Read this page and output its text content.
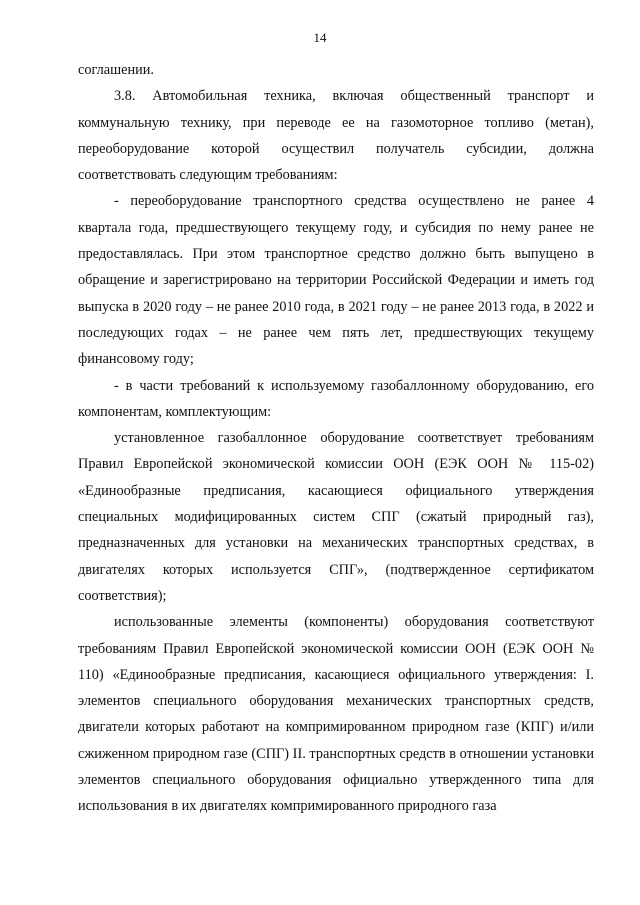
14

соглашении.

3.8. Автомобильная техника, включая общественный транспорт и коммунальную технику, при переводе ее на газомоторное топливо (метан), переоборудование которой осуществил получатель субсидии, должна соответствовать следующим требованиям:

- переоборудование транспортного средства осуществлено не ранее 4 квартала года, предшествующего текущему году, и субсидия по нему ранее не предоставлялась. При этом транспортное средство должно быть выпущено в обращение и зарегистрировано на территории Российской Федерации и иметь год выпуска в 2020 году – не ранее 2010 года, в 2021 году – не ранее 2013 года, в 2022 и последующих годах – не ранее чем пять лет, предшествующих текущему финансовому году;

- в части требований к используемому газобаллонному оборудованию, его компонентам, комплектующим:

установленное газобаллонное оборудование соответствует требованиям Правил Европейской экономической комиссии ООН (ЕЭК ООН № 115-02) «Единообразные предписания, касающиеся официального утверждения специальных модифицированных систем СПГ (сжатый природный газ), предназначенных для установки на механических транспортных средствах, в двигателях которых используется СПГ», (подтвержденное сертификатом соответствия);

использованные элементы (компоненты) оборудования соответствуют требованиям Правил Европейской экономической комиссии ООН (ЕЭК ООН № 110) «Единообразные предписания, касающиеся официального утверждения: I. элементов специального оборудования механических транспортных средств, двигатели которых работают на компримированном природном газе (КПГ) и/или сжиженном природном газе (СПГ) II. транспортных средств в отношении установки элементов специального оборудования официально утвержденного типа для использования в их двигателях компримированного природного газа
